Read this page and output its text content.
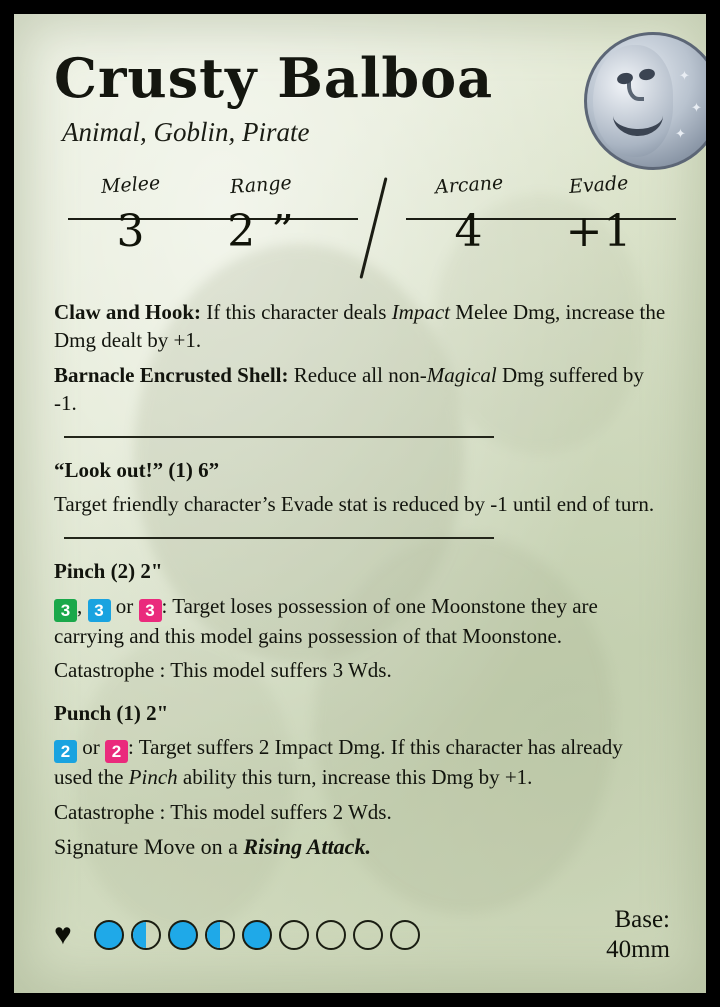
✦
✦
✦
Crusty Balboa
Animal, Goblin, Pirate
Melee
3
Range
2 ”
Arcane
4
Evade
+1

Claw and Hook: If this character deals Impact Melee Dmg, increase the Dmg dealt by +1.

Barnacle Encrusted Shell: Reduce all non-Magical Dmg suffered by -1.

“Look out!” (1) 6”

Target friendly character’s Evade stat is reduced by -1 until end of turn.

Pinch (2) 2"

3 , 3 or 3 : Target loses possession of one Moonstone they are carrying and this model gains possession of that Moonstone.

Catastrophe : This model suffers 3 Wds.

Punch (1) 2"

2 or 2 : Target suffers 2 Impact Dmg. If this character has already used the Pinch ability this turn, increase this Dmg by +1.

Catastrophe : This model suffers 2 Wds.

Signature Move on a Rising Attack.

♥	Base:
40mm
